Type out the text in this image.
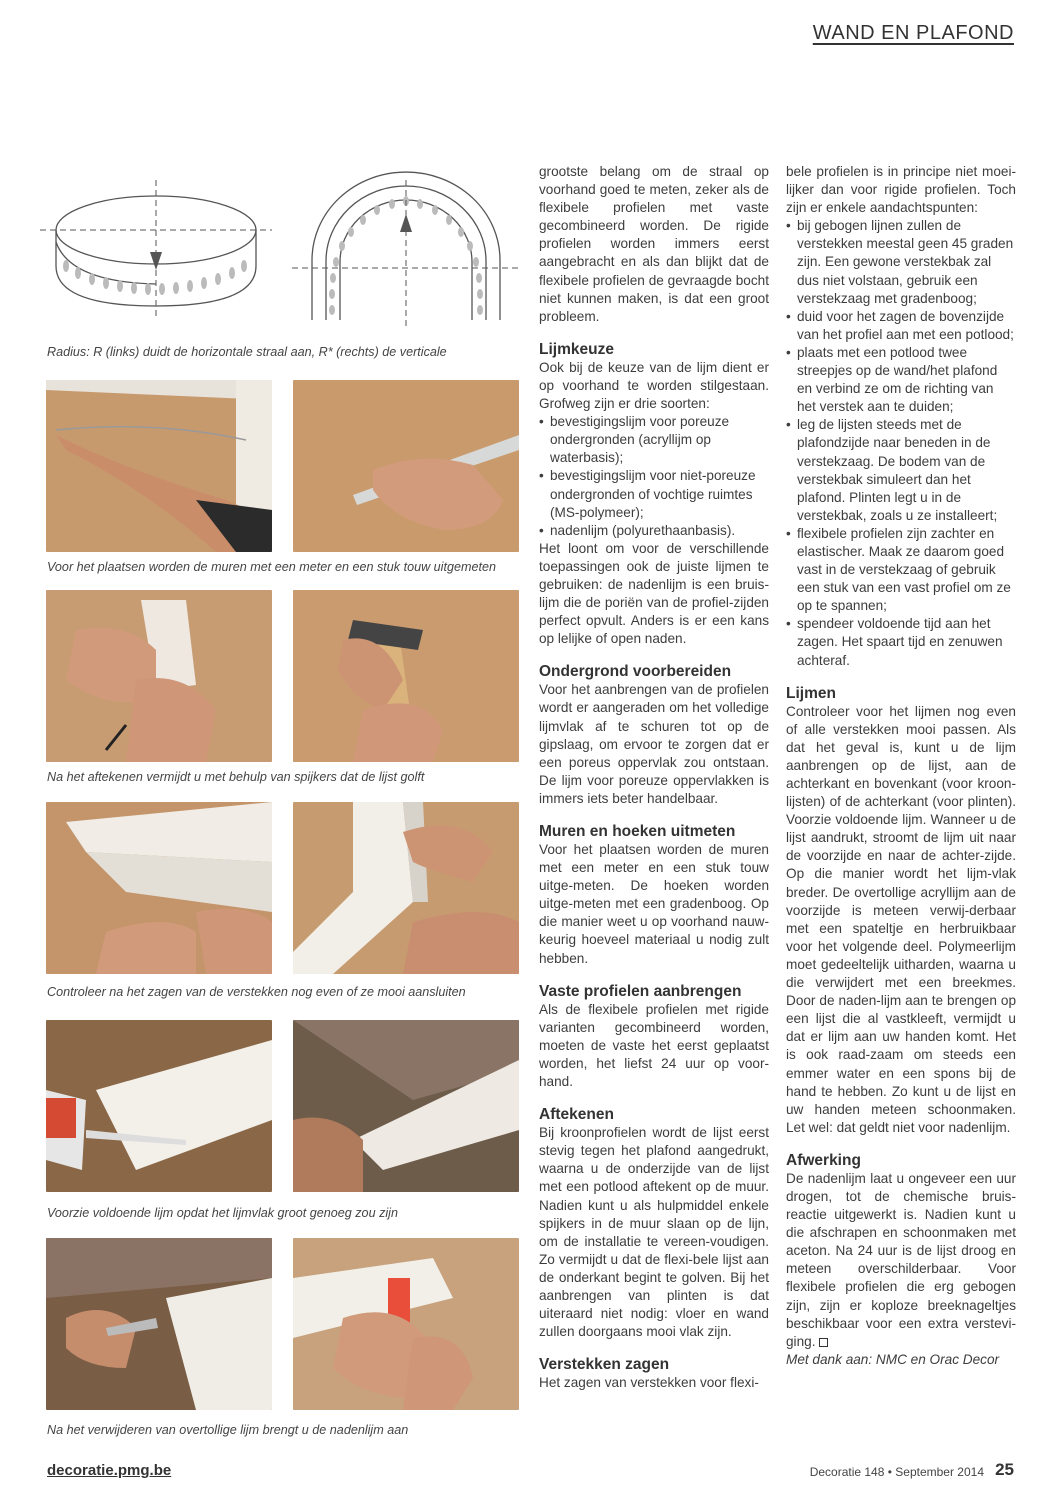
WAND EN PLAFOND
Radius: R (links) duidt de horizontale straal aan, R* (rechts) de verticale
Voor het plaatsen worden de muren met een meter en een stuk touw uitgemeten
Na het aftekenen vermijdt u met behulp van spijkers dat de lijst golft
Controleer na het zagen van de verstekken nog even of ze mooi aansluiten
Voorzie voldoende lijm opdat het lijmvlak groot genoeg zou zijn
Na het verwijderen van overtollige lijm brengt u de nadenlijm aan

grootste belang om de straal op voorhand goed te meten, zeker als de flexibele profielen met vaste gecombineerd worden. De rigide profielen worden immers eerst aangebracht en als dan blijkt dat de flexibele profielen de gevraagde bocht niet kunnen maken, is dat een groot probleem.

Lijmkeuze

Ook bij de keuze van de lijm dient er op voorhand te worden stilgestaan. Grofweg zijn er drie soorten:

• bevestigingslijm voor poreuze ondergronden (acryllijm op waterbasis);
• bevestigingslijm voor niet-poreuze ondergronden of vochtige ruimtes (MS-polymeer);
• nadenlijm (polyurethaanbasis).

Het loont om voor de verschillende toepassingen ook de juiste lijmen te gebruiken: de nadenlijm is een bruis-lijm die de poriën van de profiel-zijden perfect opvult. Anders is er een kans op lelijke of open naden.

Ondergrond voorbereiden

Voor het aanbrengen van de profielen wordt er aangeraden om het volledige lijmvlak af te schuren tot op de gipslaag, om ervoor te zorgen dat er een poreus oppervlak zou ontstaan. De lijm voor poreuze oppervlakken is immers iets beter handelbaar.

Muren en hoeken uitmeten

Voor het plaatsen worden de muren met een meter en een stuk touw uitge-meten. De hoeken worden uitge-meten met een gradenboog. Op die manier weet u op voorhand nauw-keurig hoeveel materiaal u nodig zult hebben.

Vaste profielen aanbrengen

Als de flexibele profielen met rigide varianten gecombineerd worden, moeten de vaste het eerst geplaatst worden, het liefst 24 uur op voor-hand.

Aftekenen

Bij kroonprofielen wordt de lijst eerst stevig tegen het plafond aangedrukt, waarna u de onderzijde van de lijst met een potlood aftekent op de muur. Nadien kunt u als hulpmiddel enkele spijkers in de muur slaan op de lijn, om de installatie te vereen-voudigen. Zo vermijdt u dat de flexi-bele lijst aan de onderkant begint te golven. Bij het aanbrengen van plinten is dat uiteraard niet nodig: vloer en wand zullen doorgaans mooi vlak zijn.

Verstekken zagen

Het zagen van verstekken voor flexi-

bele profielen is in principe niet moei-lijker dan voor rigide profielen. Toch zijn er enkele aandachtspunten:

• bij gebogen lijnen zullen de verstekken meestal geen 45 graden zijn. Een gewone verstekbak zal dus niet volstaan, gebruik een verstekzaag met gradenboog;
• duid voor het zagen de bovenzijde van het profiel aan met een potlood;
• plaats met een potlood twee streepjes op de wand/het plafond en verbind ze om de richting van het verstek aan te duiden;
• leg de lijsten steeds met de plafondzijde naar beneden in de verstekzaag. De bodem van de verstekbak simuleert dan het plafond. Plinten legt u in de verstekbak, zoals u ze installeert;
• flexibele profielen zijn zachter en elastischer. Maak ze daarom goed vast in de verstekzaag of gebruik een stuk van een vast profiel om ze op te spannen;
• spendeer voldoende tijd aan het zagen. Het spaart tijd en zenuwen achteraf.
Lijmen

Controleer voor het lijmen nog even of alle verstekken mooi passen. Als dat het geval is, kunt u de lijm aanbrengen op de lijst, aan de achterkant en bovenkant (voor kroon-lijsten) of de achterkant (voor plinten). Voorzie voldoende lijm. Wanneer u de lijst aandrukt, stroomt de lijm uit naar de voorzijde en naar de achter-zijde. Op die manier wordt het lijm-vlak breder. De overtollige acryllijm aan de voorzijde is meteen verwij-derbaar met een spateltje en herbruikbaar voor het volgende deel. Polymeerlijm moet gedeeltelijk uitharden, waarna u die verwijdert met een breekmes. Door de naden-lijm aan te brengen op een lijst die al vastkleeft, vermijdt u dat er lijm aan uw handen komt. Het is ook raad-zaam om steeds een emmer water en een spons bij de hand te hebben. Zo kunt u de lijst en uw handen meteen schoonmaken. Let wel: dat geldt niet voor nadenlijm.

Afwerking

De nadenlijm laat u ongeveer een uur drogen, tot de chemische bruis-reactie uitgewerkt is. Nadien kunt u die afschrapen en schoonmaken met aceton. Na 24 uur is de lijst droog en meteen overschilderbaar. Voor flexibele profielen die erg gebogen zijn, zijn er koploze breeknageltjes beschikbaar voor een extra verstevi-ging.

Met dank aan: NMC en Orac Decor

decoratie.pmg.be	Decoratie 148 • September 2014 25
